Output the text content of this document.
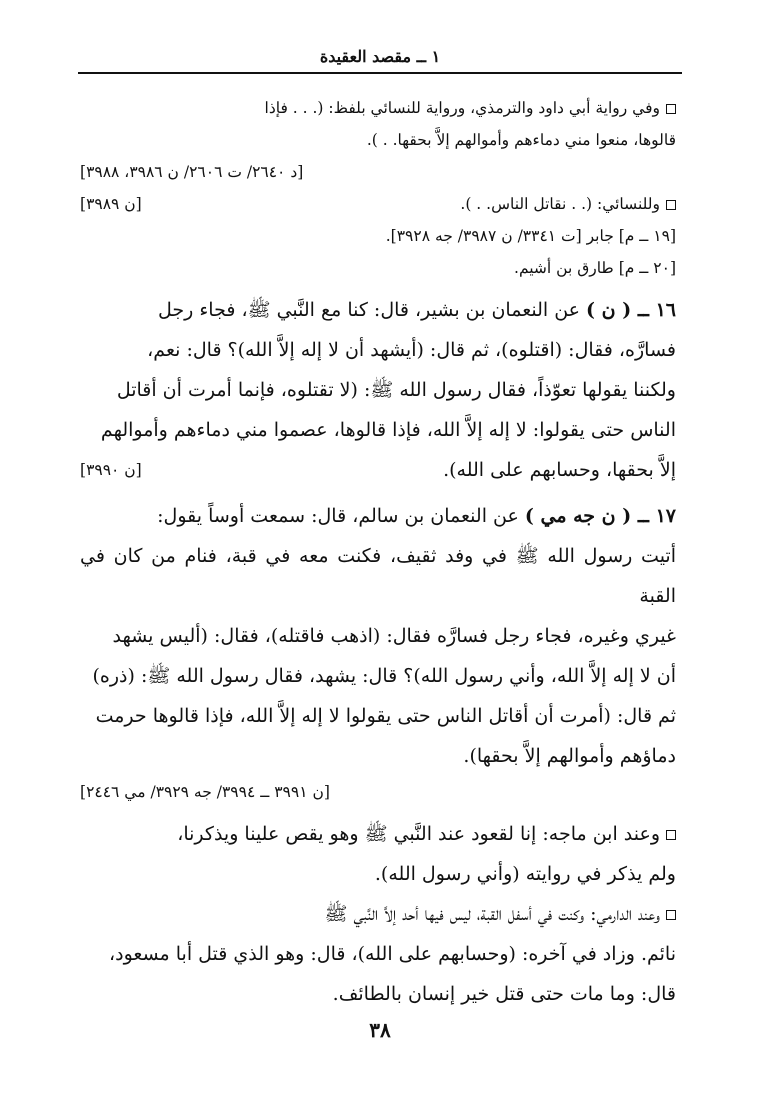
١ ــ مقصد العقيدة

وفي رواية أبي داود والترمذي، ورواية للنسائي بلفظ: (. . . فإذا

قالوها، منعوا مني دماءهم وأموالهم إلاَّ بحقها. . ).

[د ٢٦٤٠/ ت ٢٦٠٦/ ن ٣٩٨٦، ٣٩٨٨]

وللنسائي: (. . نقاتل الناس. . ).
[ن ٣٩٨٩]

[١٩ ــ م] جابر [ت ٣٣٤١/ ن ٣٩٨٧/ جه ٣٩٢٨].

[٢٠ ــ م] طارق بن أشيم.

١٦ ــ ( ن ) عن النعمان بن بشير، قال: كنا مع النَّبي ﷺ، فجاء رجل

فسارَّه، فقال: (اقتلوه)، ثم قال: (أيشهد أن لا إله إلاَّ الله)؟ قال: نعم،

ولكننا يقولها تعوّذاً، فقال رسول الله ﷺ: (لا تقتلوه، فإنما أمرت أن أقاتل

الناس حتى يقولوا: لا إله إلاَّ الله، فإذا قالوها، عصموا مني دماءهم وأموالهم

إلاَّ بحقها، وحسابهم على الله).
[ن ٣٩٩٠]

١٧ ــ ( ن جه مي ) عن النعمان بن سالم، قال: سمعت أوساً يقول:

أتيت رسول الله ﷺ في وفد ثقيف، فكنت معه في قبة، فنام من كان في القبة

غيري وغيره، فجاء رجل فسارَّه فقال: (اذهب فاقتله)، فقال: (أليس يشهد

أن لا إله إلاَّ الله، وأني رسول الله)؟ قال: يشهد، فقال رسول الله ﷺ: (ذره)

ثم قال: (أمرت أن أقاتل الناس حتى يقولوا لا إله إلاَّ الله، فإذا قالوها حرمت

دماؤهم وأموالهم إلاَّ بحقها).

[ن ٣٩٩١ ــ ٣٩٩٤/ جه ٣٩٢٩/ مي ٢٤٤٦]

وعند ابن ماجه: إنا لقعود عند النَّبي ﷺ وهو يقص علينا ويذكرنا،

ولم يذكر في روايته (وأني رسول الله).

وعند الدارمي: وكنت في أسفل القبة، ليس فيها أحد إلاَّ النَّبي ﷺ

نائم. وزاد في آخره: (وحسابهم على الله)، قال: وهو الذي قتل أبا مسعود،

قال: وما مات حتى قتل خير إنسان بالطائف.

٣٨
